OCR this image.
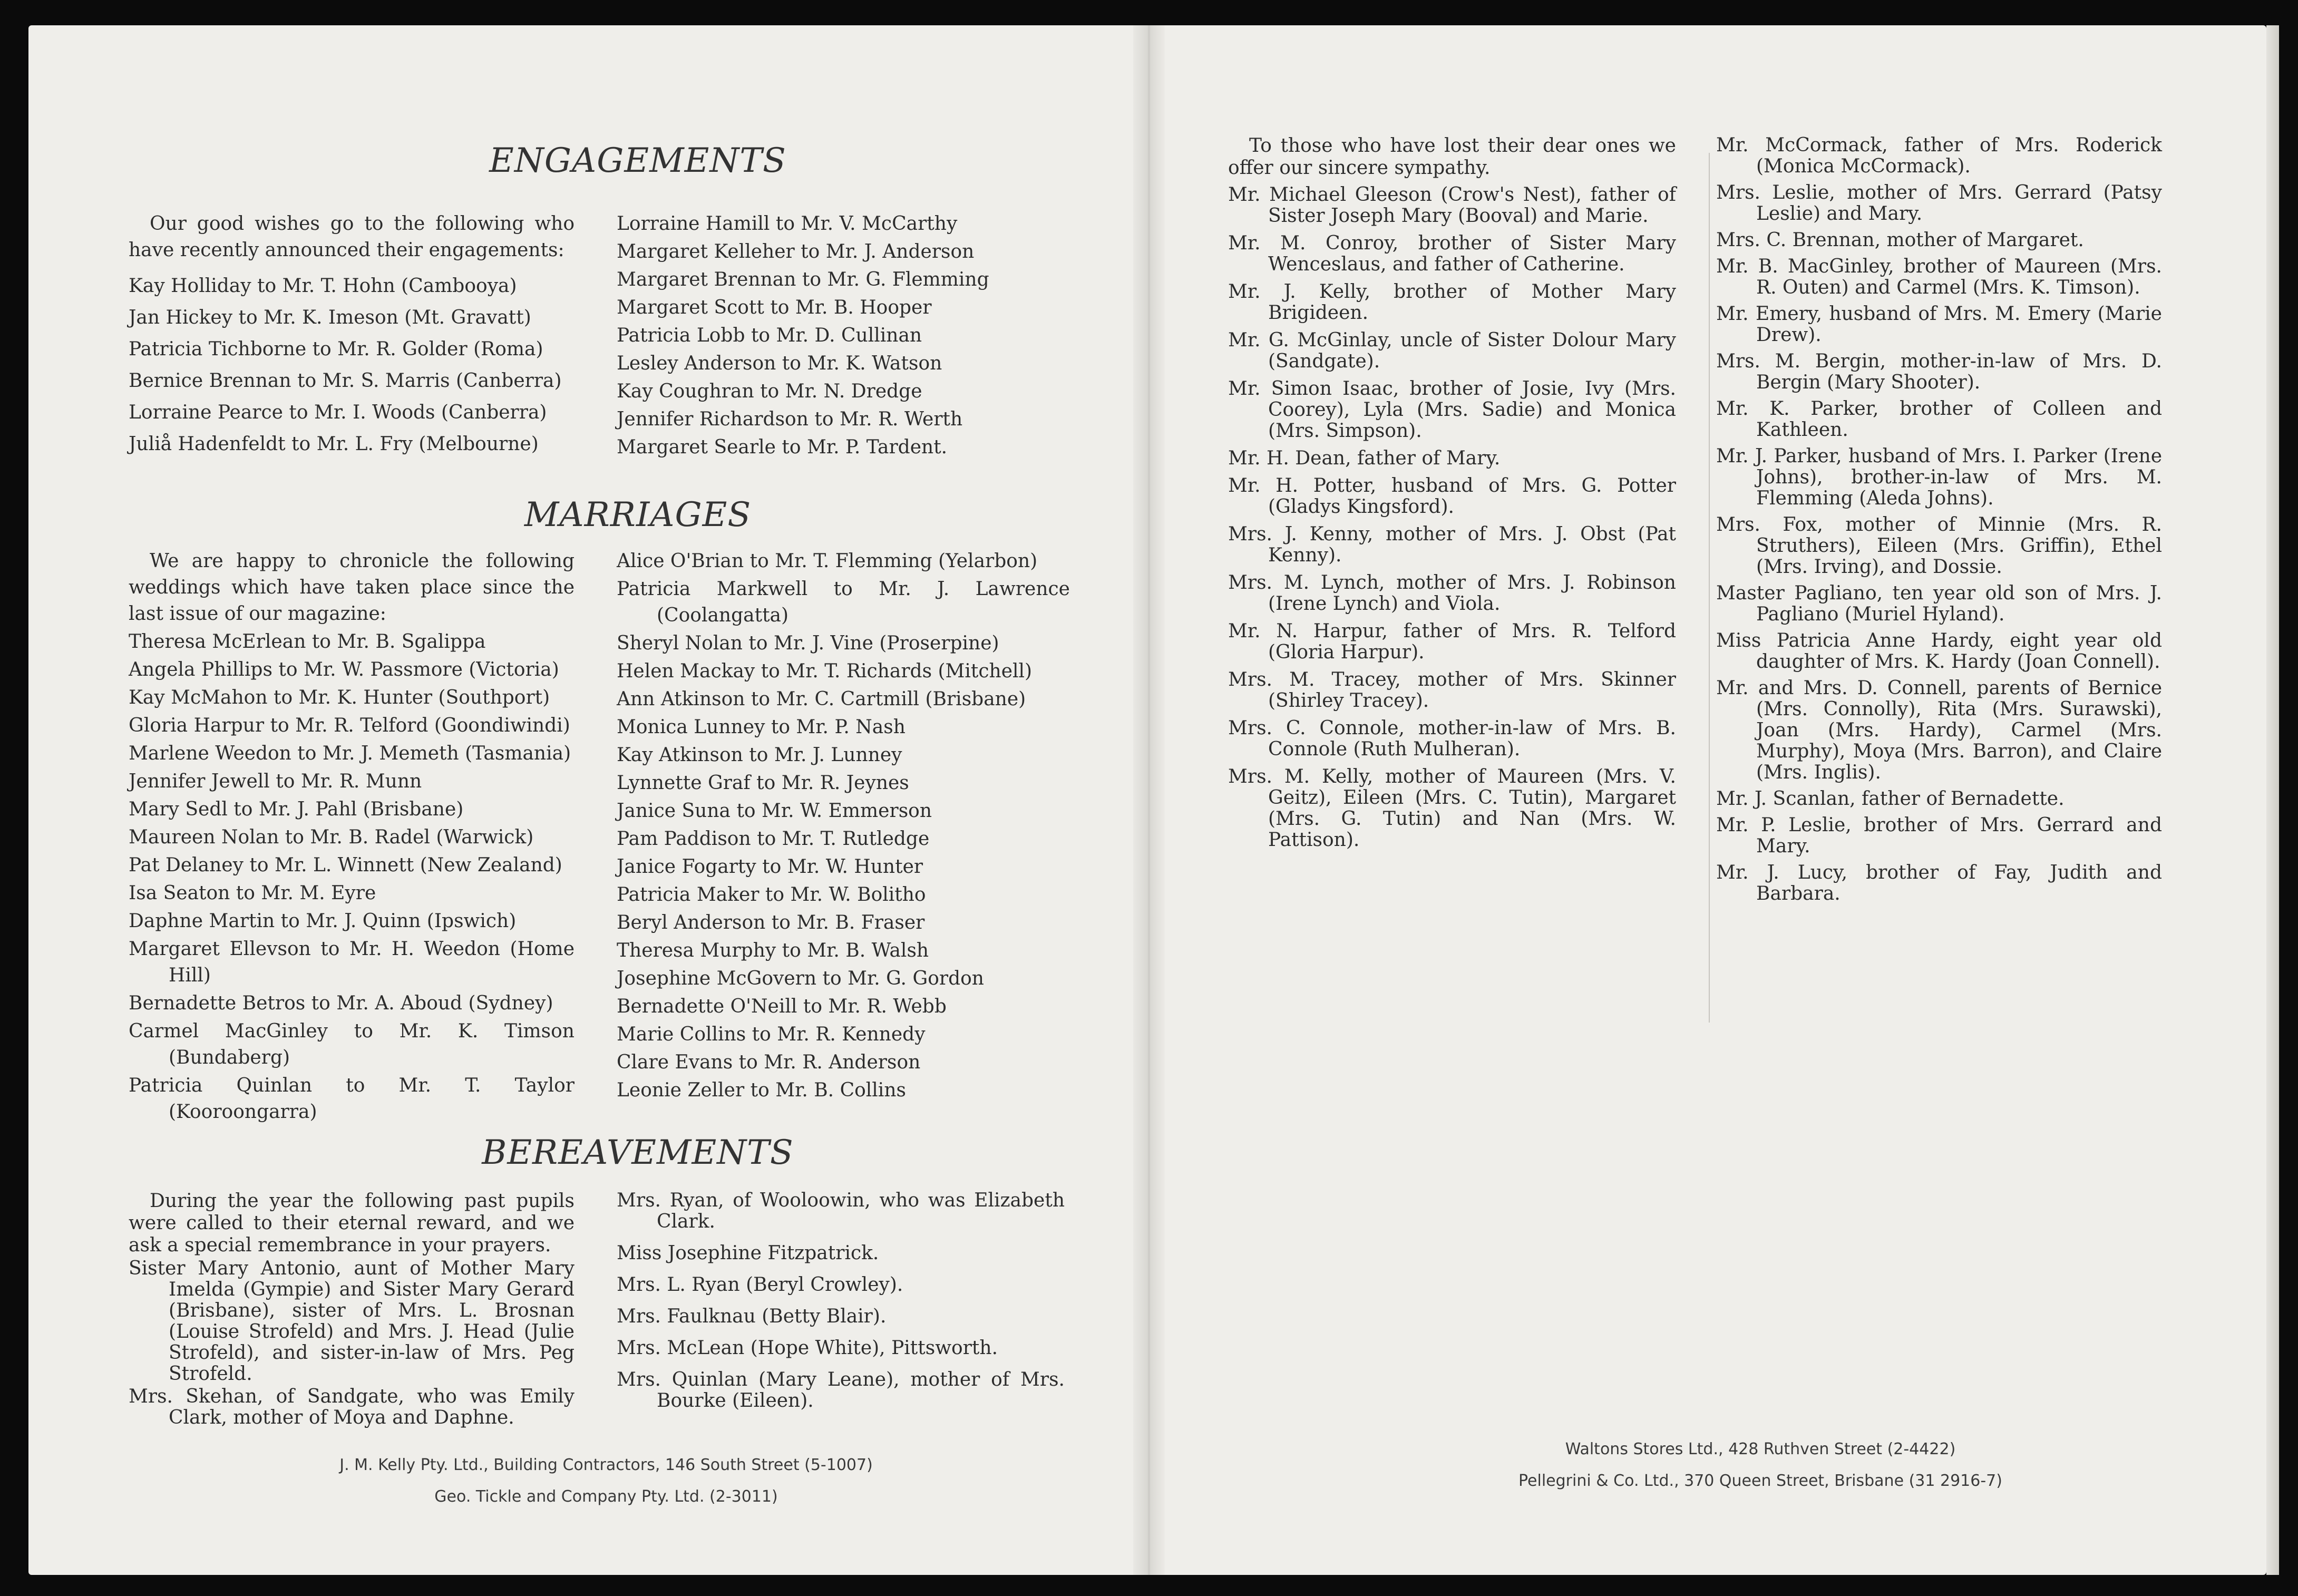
ENGAGEMENTS

Our good wishes go to the following who have recently announced their engagements:

Kay Holliday to Mr. T. Hohn (Cambooya)

Jan Hickey to Mr. K. Imeson (Mt. Gravatt)

Patricia Tichborne to Mr. R. Golder (Roma)

Bernice Brennan to Mr. S. Marris (Canberra)

Lorraine Pearce to Mr. I. Woods (Canberra)

Juliå Hadenfeldt to Mr. L. Fry (Melbourne)

Lorraine Hamill to Mr. V. McCarthy

Margaret Kelleher to Mr. J. Anderson

Margaret Brennan to Mr. G. Flemming

Margaret Scott to Mr. B. Hooper

Patricia Lobb to Mr. D. Cullinan

Lesley Anderson to Mr. K. Watson

Kay Coughran to Mr. N. Dredge

Jennifer Richardson to Mr. R. Werth

Margaret Searle to Mr. P. Tardent.

MARRIAGES

We are happy to chronicle the following weddings which have taken place since the last issue of our magazine:

Theresa McErlean to Mr. B. Sgalippa

Angela Phillips to Mr. W. Passmore (Victoria)

Kay McMahon to Mr. K. Hunter (Southport)

Gloria Harpur to Mr. R. Telford (Goondiwindi)

Marlene Weedon to Mr. J. Memeth (Tasmania)

Jennifer Jewell to Mr. R. Munn

Mary Sedl to Mr. J. Pahl (Brisbane)

Maureen Nolan to Mr. B. Radel (Warwick)

Pat Delaney to Mr. L. Winnett (New Zealand)

Isa Seaton to Mr. M. Eyre

Daphne Martin to Mr. J. Quinn (Ipswich)

Margaret Ellevson to Mr. H. Weedon (Home Hill)

Bernadette Betros to Mr. A. Aboud (Sydney)

Carmel MacGinley to Mr. K. Timson (Bundaberg)

Patricia Quinlan to Mr. T. Taylor (Kooroongarra)

Alice O'Brian to Mr. T. Flemming (Yelarbon)

Patricia Markwell to Mr. J. Lawrence (Coolangatta)

Sheryl Nolan to Mr. J. Vine (Proserpine)

Helen Mackay to Mr. T. Richards (Mitchell)

Ann Atkinson to Mr. C. Cartmill (Brisbane)

Monica Lunney to Mr. P. Nash

Kay Atkinson to Mr. J. Lunney

Lynnette Graf to Mr. R. Jeynes

Janice Suna to Mr. W. Emmerson

Pam Paddison to Mr. T. Rutledge

Janice Fogarty to Mr. W. Hunter

Patricia Maker to Mr. W. Bolitho

Beryl Anderson to Mr. B. Fraser

Theresa Murphy to Mr. B. Walsh

Josephine McGovern to Mr. G. Gordon

Bernadette O'Neill to Mr. R. Webb

Marie Collins to Mr. R. Kennedy

Clare Evans to Mr. R. Anderson

Leonie Zeller to Mr. B. Collins

BEREAVEMENTS

During the year the following past pupils were called to their eternal reward, and we ask a special remembrance in your prayers.

Sister Mary Antonio, aunt of Mother Mary Imelda (Gympie) and Sister Mary Gerard (Brisbane), sister of Mrs. L. Brosnan (Louise Strofeld) and Mrs. J. Head (Julie Strofeld), and sister-in-law of Mrs. Peg Strofeld.

Mrs. Skehan, of Sandgate, who was Emily Clark, mother of Moya and Daphne.

Mrs. Ryan, of Wooloowin, who was Elizabeth Clark.

Miss Josephine Fitzpatrick.

Mrs. L. Ryan (Beryl Crowley).

Mrs. Faulknau (Betty Blair).

Mrs. McLean (Hope White), Pittsworth.

Mrs. Quinlan (Mary Leane), mother of Mrs. Bourke (Eileen).

J. M. Kelly Pty. Ltd., Building Contractors, 146 South Street (5-1007)
Geo. Tickle and Company Pty. Ltd. (2-3011)

To those who have lost their dear ones we offer our sincere sympathy.

Mr. Michael Gleeson (Crow's Nest), father of Sister Joseph Mary (Booval) and Marie.

Mr. M. Conroy, brother of Sister Mary Wenceslaus, and father of Catherine.

Mr. J. Kelly, brother of Mother Mary Brigideen.

Mr. G. McGinlay, uncle of Sister Dolour Mary (Sandgate).

Mr. Simon Isaac, brother of Josie, Ivy (Mrs. Coorey), Lyla (Mrs. Sadie) and Monica (Mrs. Simpson).

Mr. H. Dean, father of Mary.

Mr. H. Potter, husband of Mrs. G. Potter (Gladys Kingsford).

Mrs. J. Kenny, mother of Mrs. J. Obst (Pat Kenny).

Mrs. M. Lynch, mother of Mrs. J. Robinson (Irene Lynch) and Viola.

Mr. N. Harpur, father of Mrs. R. Telford (Gloria Harpur).

Mrs. M. Tracey, mother of Mrs. Skinner (Shirley Tracey).

Mrs. C. Connole, mother-in-law of Mrs. B. Connole (Ruth Mulheran).

Mrs. M. Kelly, mother of Maureen (Mrs. V. Geitz), Eileen (Mrs. C. Tutin), Margaret (Mrs. G. Tutin) and Nan (Mrs. W. Pattison).

Mr. McCormack, father of Mrs. Roderick (Monica McCormack).

Mrs. Leslie, mother of Mrs. Gerrard (Patsy Leslie) and Mary.

Mrs. C. Brennan, mother of Margaret.

Mr. B. MacGinley, brother of Maureen (Mrs. R. Outen) and Carmel (Mrs. K. Timson).

Mr. Emery, husband of Mrs. M. Emery (Marie Drew).

Mrs. M. Bergin, mother-in-law of Mrs. D. Bergin (Mary Shooter).

Mr. K. Parker, brother of Colleen and Kathleen.

Mr. J. Parker, husband of Mrs. I. Parker (Irene Johns), brother-in-law of Mrs. M. Flemming (Aleda Johns).

Mrs. Fox, mother of Minnie (Mrs. R. Struthers), Eileen (Mrs. Griffin), Ethel (Mrs. Irving), and Dossie.

Master Pagliano, ten year old son of Mrs. J. Pagliano (Muriel Hyland).

Miss Patricia Anne Hardy, eight year old daughter of Mrs. K. Hardy (Joan Connell).

Mr. and Mrs. D. Connell, parents of Bernice (Mrs. Connolly), Rita (Mrs. Surawski), Joan (Mrs. Hardy), Carmel (Mrs. Murphy), Moya (Mrs. Barron), and Claire (Mrs. Inglis).

Mr. J. Scanlan, father of Bernadette.

Mr. P. Leslie, brother of Mrs. Gerrard and Mary.

Mr. J. Lucy, brother of Fay, Judith and Barbara.

Waltons Stores Ltd., 428 Ruthven Street (2-4422)
Pellegrini & Co. Ltd., 370 Queen Street, Brisbane (31 2916-7)
